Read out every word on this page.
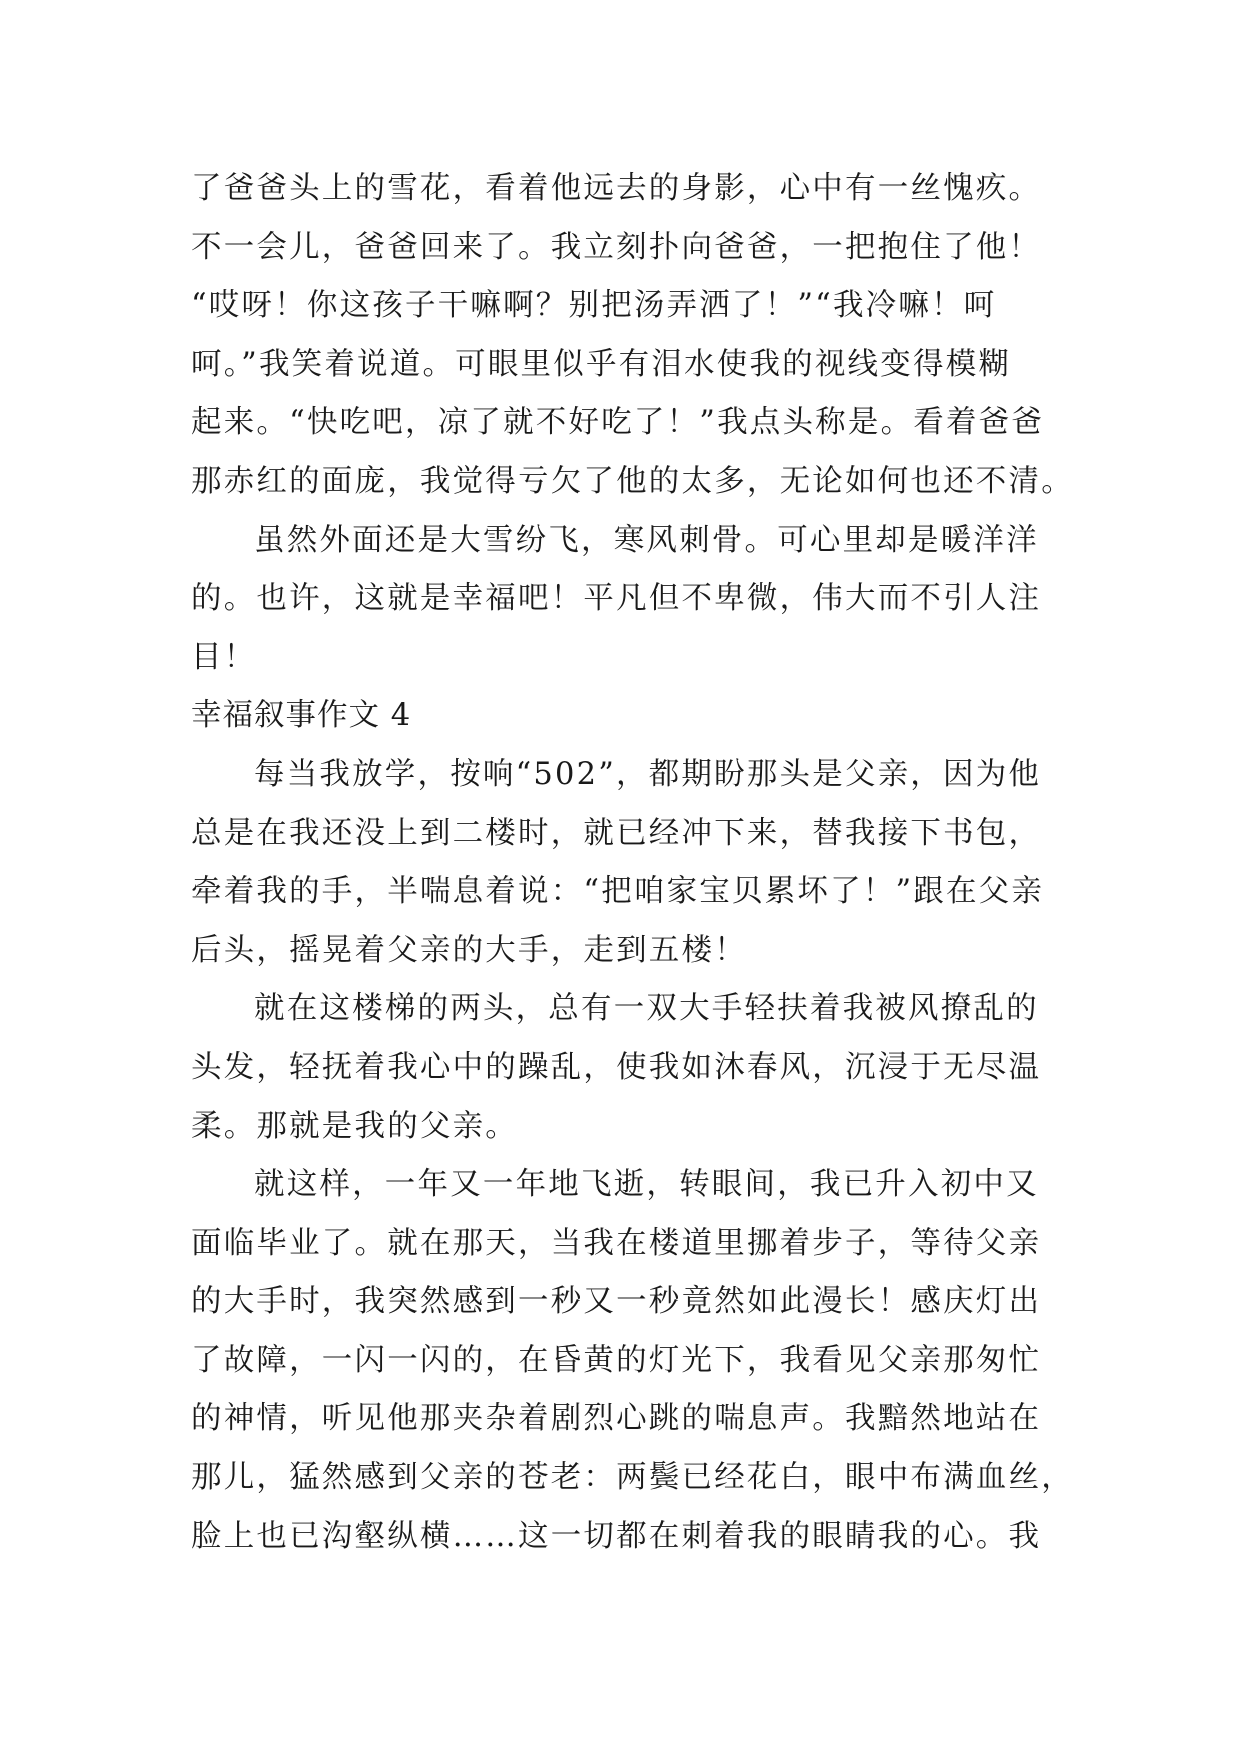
了爸爸头上的雪花，看着他远去的身影，心中有一丝愧疚。
不一会儿，爸爸回来了。我立刻扑向爸爸，一把抱住了他！
“哎呀！你这孩子干嘛啊？别把汤弄洒了！”“我冷嘛！呵
呵。”我笑着说道。可眼里似乎有泪水使我的视线变得模糊
起来。“快吃吧，凉了就不好吃了！”我点头称是。看着爸爸
那赤红的面庞，我觉得亏欠了他的太多，无论如何也还不清。
虽然外面还是大雪纷飞，寒风刺骨。可心里却是暖洋洋
的。也许，这就是幸福吧！平凡但不卑微，伟大而不引人注
目！
幸福叙事作文 4
每当我放学，按响“502”，都期盼那头是父亲，因为他
总是在我还没上到二楼时，就已经冲下来，替我接下书包，
牵着我的手，半喘息着说：“把咱家宝贝累坏了！”跟在父亲
后头，摇晃着父亲的大手，走到五楼！
就在这楼梯的两头，总有一双大手轻扶着我被风撩乱的
头发，轻抚着我心中的躁乱，使我如沐春风，沉浸于无尽温
柔。那就是我的父亲。
就这样，一年又一年地飞逝，转眼间，我已升入初中又
面临毕业了。就在那天，当我在楼道里挪着步子，等待父亲
的大手时，我突然感到一秒又一秒竟然如此漫长！感庆灯出
了故障，一闪一闪的，在昏黄的灯光下，我看见父亲那匆忙
的神情，听见他那夹杂着剧烈心跳的喘息声。我黯然地站在
那儿，猛然感到父亲的苍老：两鬓已经花白，眼中布满血丝，
脸上也已沟壑纵横……这一切都在刺着我的眼睛我的心。我
